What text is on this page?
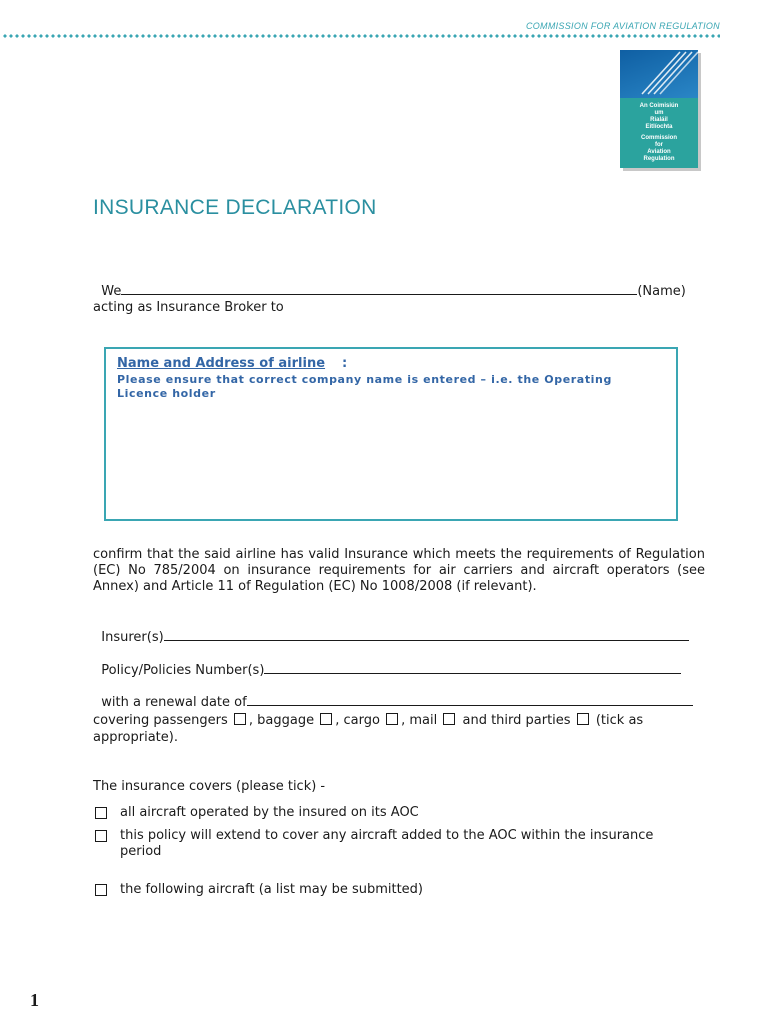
COMMISSION FOR AVIATION REGULATION
An Coimisiún
um
Rialáil
Eitlíochta
Commission
for
Aviation
Regulation
INSURANCE DECLARATION

We	(Name)

acting as Insurance Broker to
Name and Address of airline :
Please ensure that correct company name is entered – i.e. the Operating Licence holder
confirm that the said airline has valid Insurance which meets the requirements of Regulation (EC) No 785/2004 on insurance requirements for air carriers and aircraft operators (see Annex) and Article 11 of Regulation (EC) No 1008/2008 (if relevant).

Insurer(s)

Policy/Policies Number(s)

with a renewal date of

covering passengers , baggage , cargo , mail and third parties (tick as appropriate).
The insurance covers (please tick) -
all aircraft operated by the insured on its AOC
this policy will extend to cover any aircraft added to the AOC within the insurance period
the following aircraft (a list may be submitted)
1
